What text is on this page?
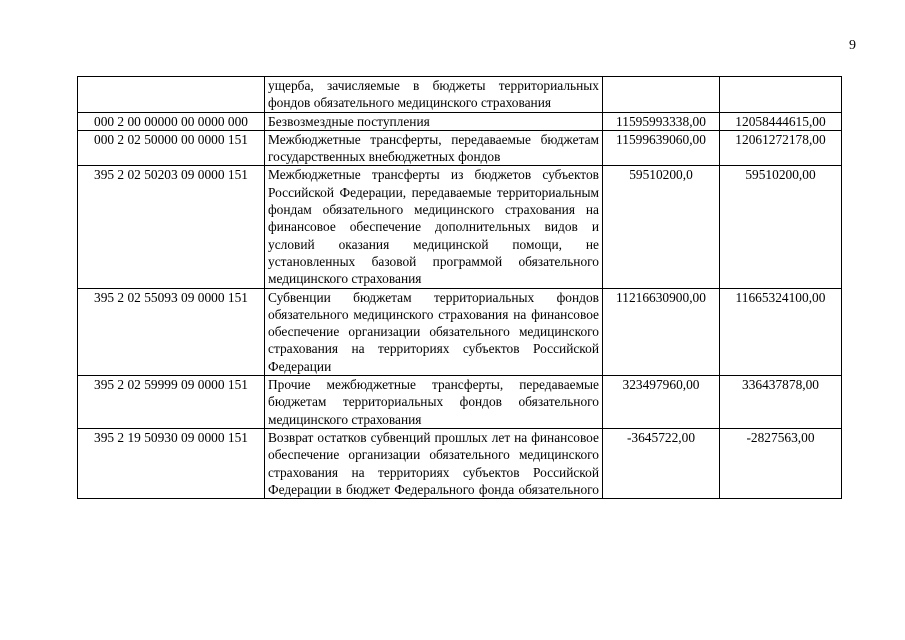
9
	ущерба, зачисляемые в бюджеты территориальных фондов обязательного медицинского страхования		
000 2 00 00000 00 0000 000	Безвозмездные поступления	11595993338,00	12058444615,00
000 2 02 50000 00 0000 151	Межбюджетные трансферты, передаваемые бюджетам государственных внебюджетных фондов	11599639060,00	12061272178,00
395 2 02 50203 09 0000 151	Межбюджетные трансферты из бюджетов субъектов Российской Федерации, передаваемые территориальным фондам обязательного медицинского страхования на финансовое обеспечение дополнительных видов и условий оказания медицинской помощи, не установленных базовой программой обязательного медицинского страхования	59510200,0	59510200,00
395 2 02 55093 09 0000 151	Субвенции бюджетам территориальных фондов обязательного медицинского страхования на финансовое обеспечение организации обязательного медицинского страхования на территориях субъектов Российской Федерации	11216630900,00	11665324100,00
395 2 02 59999 09 0000 151	Прочие межбюджетные трансферты, передаваемые бюджетам территориальных фондов обязательного медицинского страхования	323497960,00	336437878,00
395 2 19 50930 09 0000 151	Возврат остатков субвенций прошлых лет на финансовое обеспечение организации обязательного медицинского страхования на территориях субъектов Российской Федерации в бюджет Федерального фонда обязательного	-3645722,00	-2827563,00
